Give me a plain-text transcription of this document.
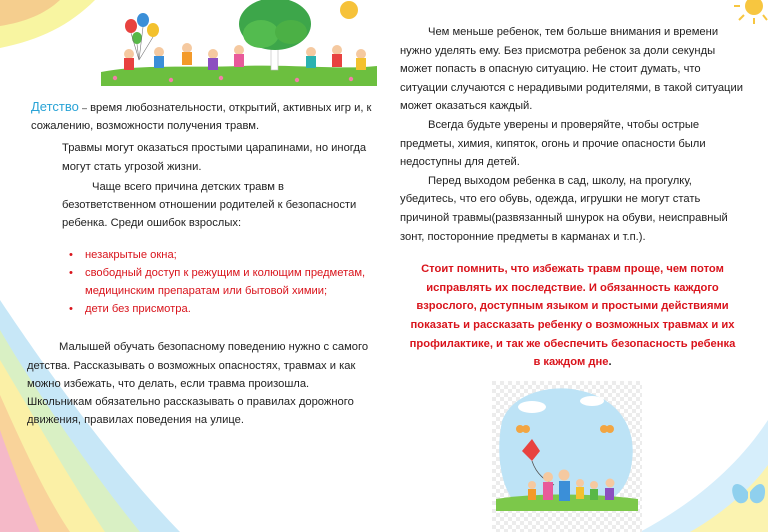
Детство – время любознательности, открытий, активных игр и, к сожалению, возможности получения травм.

Травмы могут оказаться простыми царапинами, но иногда могут стать угрозой жизни.

Чаще всего причина детских травм в безответственном отношении родителей к безопасности ребенка. Среди ошибок взрослых:

• незакрытые окна;
• свободный доступ к режущим и колющим предметам, медицинским препаратам или бытовой химии;
• дети без присмотра.

Малышей обучать безопасному поведению нужно с самого детства. Рассказывать о возможных опасностях, травмах и как можно избежать, что делать, если травма произошла. Школьникам обязательно рассказывать о правилах дорожного движения, правилах поведения на улице.

Чем меньше ребенок, тем больше внимания и времени нужно уделять ему. Без присмотра ребенок за доли секунды может попасть в опасную ситуацию. Не стоит думать, что ситуации случаются с нерадивыми родителями, в такой ситуации может оказаться каждый.

Всегда будьте уверены и проверяйте, чтобы острые предметы, химия, кипяток, огонь и прочие опасности были недоступны для детей.

Перед выходом ребенка в сад, школу, на прогулку, убедитесь, что его обувь, одежда, игрушки не могут стать причиной травмы(развязанный шнурок на обуви, неисправный зонт, посторонние предметы в карманах и т.п.).

Стоит помнить, что избежать травм проще, чем потом исправлять их последствие. И обязанность каждого взрослого, доступным языком и простыми действиями показать и рассказать ребенку о возможных травмах и их профилактике, и так же обеспечить безопасность ребенка в каждом дне.
